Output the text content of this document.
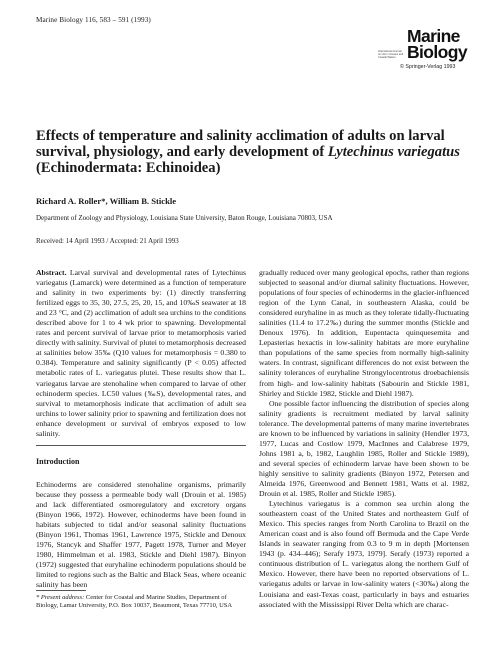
Marine Biology 116, 583 – 591 (1993)
International Journal on Life in Oceans and Coastal Waters
Marine
Biology
© Springer-Verlag 1993
Effects of temperature and salinity acclimation of adults on larval survival, physiology, and early development of Lytechinus variegatus (Echinodermata: Echinoidea)
Richard A. Roller*, William B. Stickle
Department of Zoology and Physiology, Louisiana State University, Baton Rouge, Louisiana 70803, USA
Received: 14 April 1993 / Accepted: 21 April 1993

Abstract. Larval survival and developmental rates of Lytechinus variegatus (Lamarck) were determined as a function of temperature and salinity in two experiments by: (1) directly transferring fertilized eggs to 35, 30, 27.5, 25, 20, 15, and 10‰S seawater at 18 and 23 °C, and (2) acclimation of adult sea urchins to the conditions described above for 1 to 4 wk prior to spawning. Developmental rates and percent survival of larvae prior to metamorphosis varied directly with salinity. Survival of plutei to metamorphosis decreased at salinities below 35‰ (Q10 values for metamorphosis = 0.380 to 0.384). Temperature and salinity significantly (P < 0.05) affected metabolic rates of L. variegatus plutei. These results show that L. variegatus larvae are stenohaline when compared to larvae of other echinoderm species. LC50 values (‰S), developmental rates, and survival to metamorphosis indicate that acclimation of adult sea urchins to lower salinity prior to spawning and fertilization does not enhance development or survival of embryos exposed to low salinity.

Introduction

Echinoderms are considered stenohaline organisms, primarily because they possess a permeable body wall (Drouin et al. 1985) and lack differentiated osmoregulatory and excretory organs (Binyon 1966, 1972). However, echinoderms have been found in habitats subjected to tidal and/or seasonal salinity fluctuations (Binyon 1961, Thomas 1961, Lawrence 1975, Stickle and Denoux 1976, Stancyk and Shaffer 1977, Pagett 1978, Turner and Meyer 1980, Himmelman et al. 1983, Stickle and Diehl 1987). Binyon (1972) suggested that euryhaline echinoderm populations should be limited to regions such as the Baltic and Black Seas, where oceanic salinity has been

gradually reduced over many geological epochs, rather than regions subjected to seasonal and/or diurnal salinity fluctuations. However, populations of four species of echinoderms in the glacier-influenced region of the Lynn Canal, in southeastern Alaska, could be considered euryhaline in as much as they tolerate tidally-fluctuating salinities (11.4 to 17.2‰) during the summer months (Stickle and Denoux 1976). In addition, Eupentacta quinquesemita and Lepasterias hexactis in low-salinity habitats are more euryhaline than populations of the same species from normally high-salinity waters. In contrast, significant differences do not exist between the salinity tolerances of euryhaline Strongylocentrotus droebachiensis from high- and low-salinity habitats (Sabourin and Stickle 1981, Shirley and Stickle 1982, Stickle and Diehl 1987).

One possible factor influencing the distribution of species along salinity gradients is recruitment mediated by larval salinity tolerance. The developmental patterns of many marine invertebrates are known to be influenced by variations in salinity (Hendler 1973, 1977, Lucas and Costlow 1979, MacInnes and Calabrese 1979, Johns 1981 a, b, 1982, Laughlin 1985, Roller and Stickle 1989), and several species of echinoderm larvae have been shown to be highly sensitive to salinity gradients (Binyon 1972, Petersen and Almeida 1976, Greenwood and Bennett 1981, Watts et al. 1982, Drouin et al. 1985, Roller and Stickle 1985).

Lytechinus variegatus is a common sea urchin along the southeastern coast of the United States and northeastern Gulf of Mexico. This species ranges from North Carolina to Brazil on the American coast and is also found off Bermuda and the Cape Verde Islands in seawater ranging from 0.3 to 9 m in depth [Mortensen 1943 (p. 434–446); Serafy 1973, 1979]. Serafy (1973) reported a continuous distribution of L. variegatus along the northern Gulf of Mexico. However, there have been no reported observations of L. variegatus adults or larvae in low-salinity waters (<30‰) along the Louisiana and east-Texas coast, particularly in bays and estuaries associated with the Mississippi River Delta which are charac-

* Present address: Center for Coastal and Marine Studies, Department of Biology, Lamar University, P.O. Box 10037, Beaumont, Texas 77710, USA
